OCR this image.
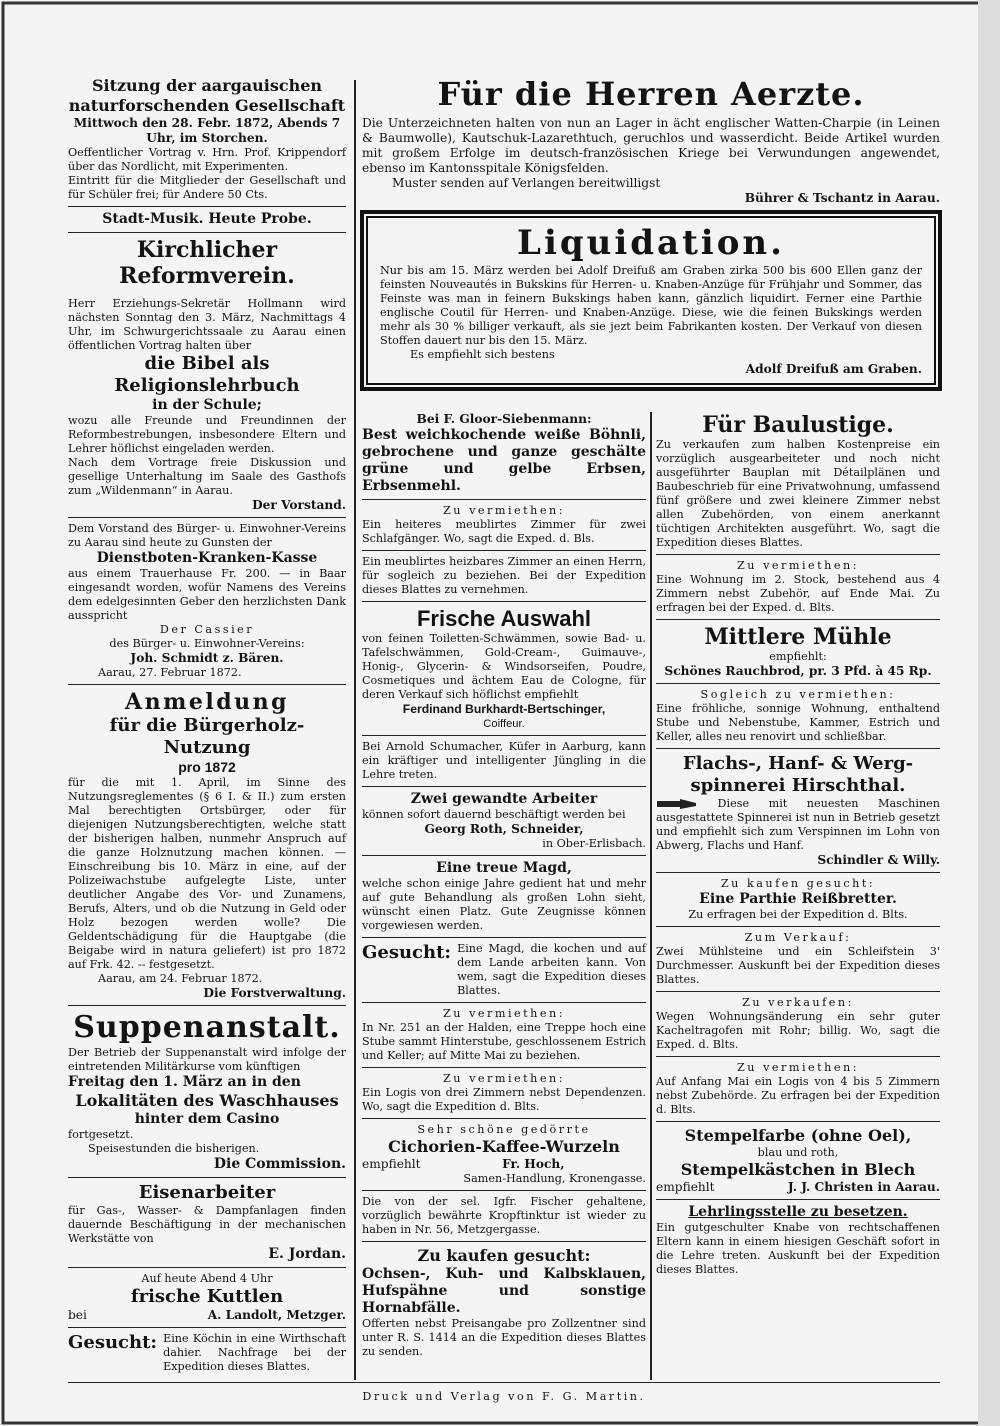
Sitzung der aargauischen naturforschenden Gesellschaft

Mittwoch den 28. Febr. 1872, Abends 7 Uhr, im Storchen.

Oeffentlicher Vortrag v. Hrn. Prof. Krippendorf über das Nordlicht, mit Experimenten.

Eintritt für die Mitglieder der Gesellschaft und für Schüler frei; für Andere 50 Cts.

Stadt-Musik. Heute Probe.

Kirchlicher Reformverein.

Herr Erziehungs-Sekretär Hollmann wird nächsten Sonntag den 3. März, Nachmittags 4 Uhr, im Schwurgerichtssaale zu Aarau einen öffentlichen Vortrag halten über

die Bibel als Religionslehrbuch

in der Schule;

wozu alle Freunde und Freundinnen der Reformbestrebungen, insbesondere Eltern und Lehrer höflichst eingeladen werden.

Nach dem Vortrage freie Diskussion und gesellige Unterhaltung im Saale des Gasthofs zum „Wildenmann“ in Aarau.

Der Vorstand.

Dem Vorstand des Bürger- u. Einwohner-Vereins zu Aarau sind heute zu Gunsten der

Dienstboten-Kranken-Kasse

aus einem Trauerhause Fr. 200. — in Baar eingesandt worden, wofür Namens des Vereins dem edelgesinnten Geber den herzlichsten Dank ausspricht

Der Cassier

des Bürger- u. Einwohner-Vereins:

Joh. Schmidt z. Bären.

Aarau, 27. Februar 1872.

Anmeldung

für die Bürgerholz-Nutzung

pro 1872

für die mit 1. April, im Sinne des Nutzungsreglementes (§ 6 I. & II.) zum ersten Mal berechtigten Ortsbürger, oder für diejenigen Nutzungsberechtigten, welche statt der bisherigen halben, nunmehr Anspruch auf die ganze Holznutzung machen können. — Einschreibung bis 10. März in eine, auf der Polizeiwachstube aufgelegte Liste, unter deutlicher Angabe des Vor- und Zunamens, Berufs, Alters, und ob die Nutzung in Geld oder Holz bezogen werden wolle? Die Geldentschädigung für die Hauptgabe (die Beigabe wird in natura geliefert) ist pro 1872 auf Frk. 42. -- festgesetzt.

Aarau, am 24. Februar 1872.

Die Forstverwaltung.

Suppenanstalt.

Der Betrieb der Suppenanstalt wird infolge der eintretenden Militärkurse vom künftigen

Freitag den 1. März an in den

Lokalitäten des Waschhauses

hinter dem Casino

fortgesetzt.

Speisestunden die bisherigen.

Die Commission.

Eisenarbeiter

für Gas-, Wasser- & Dampfanlagen finden dauernde Beschäftigung in der mechanischen Werkstätte von

E. Jordan.

Auf heute Abend 4 Uhr

frische Kuttlen

bei	A. Landolt, Metzger.

Gesucht: Eine Köchin in eine Wirthschaft dahier. Nachfrage bei der Expedition dieses Blattes.

Für die Herren Aerzte.

Die Unterzeichneten halten von nun an Lager in ächt englischer Watten-Charpie (in Leinen & Baumwolle), Kautschuk-Lazarethtuch, geruchlos und wasserdicht. Beide Artikel wurden mit großem Erfolge im deutsch-französischen Kriege bei Verwundungen angewendet, ebenso im Kantonsspitale Königsfelden.

Muster senden auf Verlangen bereitwilligst

Bührer & Tschantz in Aarau.

Liquidation.

Nur bis am 15. März werden bei Adolf Dreifuß am Graben zirka 500 bis 600 Ellen ganz der feinsten Nouveautés in Bukskins für Herren- u. Knaben-Anzüge für Frühjahr und Sommer, das Feinste was man in feinern Bukskings haben kann, gänzlich liquidirt. Ferner eine Parthie englische Coutil für Herren- und Knaben-Anzüge. Diese, wie die feinen Bukskings werden mehr als 30 % billiger verkauft, als sie jezt beim Fabrikanten kosten. Der Verkauf von diesen Stoffen dauert nur bis den 15. März.

Es empfiehlt sich bestens

Adolf Dreifuß am Graben.

Bei F. Gloor-Siebenmann:

Best weichkochende weiße Böhnli, gebrochene und ganze geschälte grüne und gelbe Erbsen, Erbsenmehl.

Zu vermiethen:

Ein heiteres meublirtes Zimmer für zwei Schlafgänger. Wo, sagt die Exped. d. Bls.

Ein meublirtes heizbares Zimmer an einen Herrn, für sogleich zu beziehen. Bei der Expedition dieses Blattes zu vernehmen.

Frische Auswahl

von feinen Toiletten-Schwämmen, sowie Bad- u. Tafelschwämmen, Gold-Cream-, Guimauve-, Honig-, Glycerin- & Windsorseifen, Poudre, Cosmetiques und ächtem Eau de Cologne, für deren Verkauf sich höflichst empfiehlt

Ferdinand Burkhardt-Bertschinger,

Coiffeur.

Bei Arnold Schumacher, Küfer in Aarburg, kann ein kräftiger und intelligenter Jüngling in die Lehre treten.

Zwei gewandte Arbeiter

können sofort dauernd beschäftigt werden bei

Georg Roth, Schneider,

in Ober-Erlisbach.

Eine treue Magd,

welche schon einige Jahre gedient hat und mehr auf gute Behandlung als großen Lohn sieht, wünscht einen Platz. Gute Zeugnisse können vorgewiesen werden.

Gesucht: Eine Magd, die kochen und auf dem Lande arbeiten kann. Von wem, sagt die Expedition dieses Blattes.

Zu vermiethen:

In Nr. 251 an der Halden, eine Treppe hoch eine Stube sammt Hinterstube, geschlossenem Estrich und Keller; auf Mitte Mai zu beziehen.

Zu vermiethen:

Ein Logis von drei Zimmern nebst Dependenzen. Wo, sagt die Expedition d. Blts.

Sehr schöne gedörrte

Cichorien-Kaffee-Wurzeln

empfiehlt	Fr. Hoch,

Samen-Handlung, Kronengasse.

Die von der sel. Igfr. Fischer gehaltene, vorzüglich bewährte Kropftinktur ist wieder zu haben in Nr. 56, Metzgergasse.

Zu kaufen gesucht:

Ochsen-, Kuh- und Kalbsklauen, Hufspähne und sonstige Hornabfälle.

Offerten nebst Preisangabe pro Zollzentner sind unter R. S. 1414 an die Expedition dieses Blattes zu senden.

Für Baulustige.

Zu verkaufen zum halben Kostenpreise ein vorzüglich ausgearbeiteter und noch nicht ausgeführter Bauplan mit Détailplänen und Baubeschrieb für eine Privatwohnung, umfassend fünf größere und zwei kleinere Zimmer nebst allen Zubehörden, von einem anerkannt tüchtigen Architekten ausgeführt. Wo, sagt die Expedition dieses Blattes.

Zu vermiethen:

Eine Wohnung im 2. Stock, bestehend aus 4 Zimmern nebst Zubehör, auf Ende Mai. Zu erfragen bei der Exped. d. Blts.

Mittlere Mühle

empfiehlt:

Schönes Rauchbrod, pr. 3 Pfd. à 45 Rp.

Sogleich zu vermiethen:

Eine fröhliche, sonnige Wohnung, enthaltend Stube und Nebenstube, Kammer, Estrich und Keller, alles neu renovirt und schließbar.

Flachs-, Hanf- & Werg-

spinnerei Hirschthal.

Diese mit neuesten Maschinen ausgestattete Spinnerei ist nun in Betrieb gesetzt und empfiehlt sich zum Verspinnen im Lohn von Abwerg, Flachs und Hanf.

Schindler & Willy.

Zu kaufen gesucht:

Eine Parthie Reißbretter.

Zu erfragen bei der Expedition d. Blts.

Zum Verkauf:

Zwei Mühlsteine und ein Schleifstein 3' Durchmesser. Auskunft bei der Expedition dieses Blattes.

Zu verkaufen:

Wegen Wohnungsänderung ein sehr guter Kacheltragofen mit Rohr; billig. Wo, sagt die Exped. d. Blts.

Zu vermiethen:

Auf Anfang Mai ein Logis von 4 bis 5 Zimmern nebst Zubehörde. Zu erfragen bei der Expedition d. Blts.

Stempelfarbe (ohne Oel),

blau und roth,

Stempelkästchen in Blech

empfiehlt	J. J. Christen in Aarau.

Lehrlingsstelle zu besetzen.

Ein gutgeschulter Knabe von rechtschaffenen Eltern kann in einem hiesigen Geschäft sofort in die Lehre treten. Auskunft bei der Expedition dieses Blattes.

Druck und Verlag von F. G. Martin.
